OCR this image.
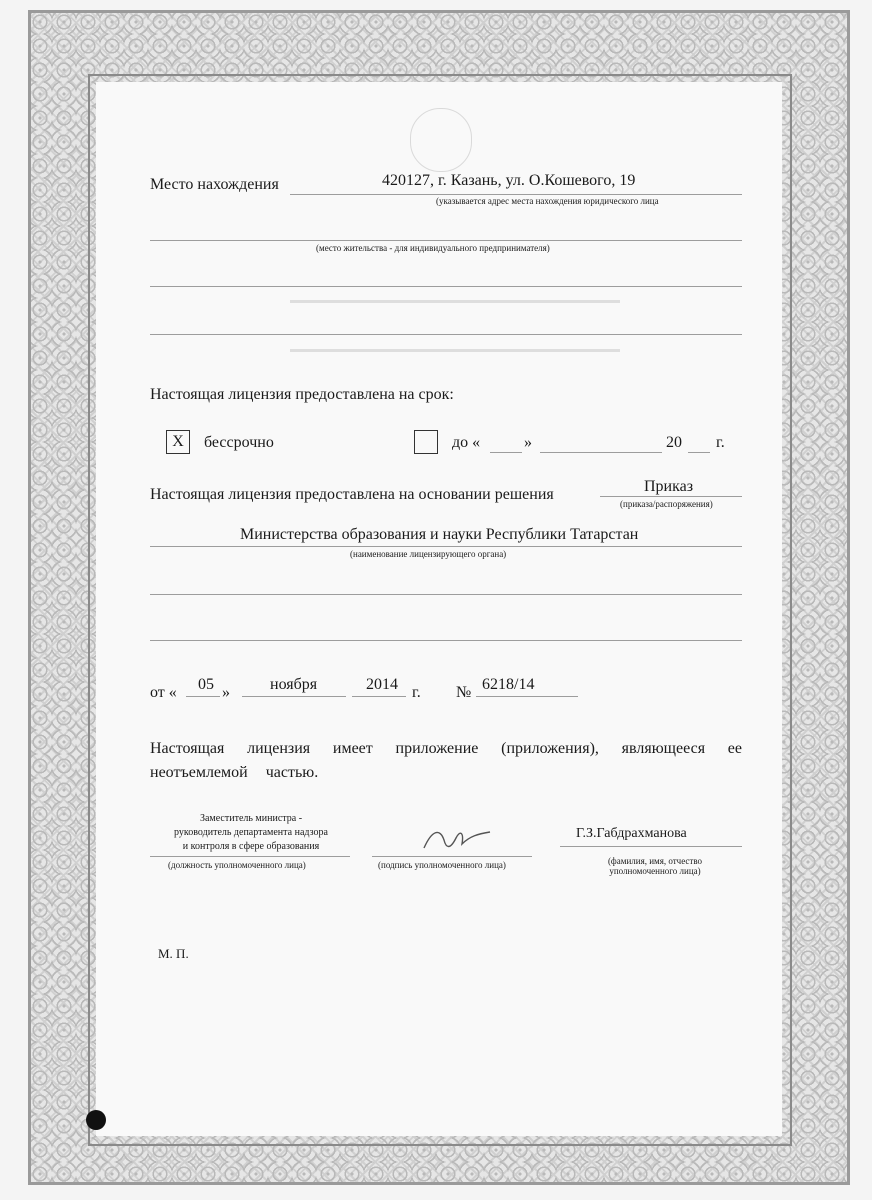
Место нахождения	420127, г. Казань, ул. О.Кошевого, 19
(указывается адрес места нахождения юридического лица
(место жительства - для индивидуального предпринимателя)
Настоящая лицензия предоставлена на срок:
Х	бессрочно	до «	»	20 г.
Настоящая лицензия предоставлена на основании решения	Приказ
(приказа/распоряжения)
Министерства образования и науки Республики Татарстан
(наименование лицензирующего органа)
от « 05 »	ноября	2014 г. № 6218/14
Настоящая лицензия имеет приложение (приложения), являющееся ее
неотъемлемой частью.
Заместитель министра -
руководитель департамента надзора
и контроля в сфере образования
(должность уполномоченного лица)	(подпись уполномоченного лица)
Г.З.Габдрахманова
(фамилия, имя, отчество
уполномоченного лица)
М. П.
